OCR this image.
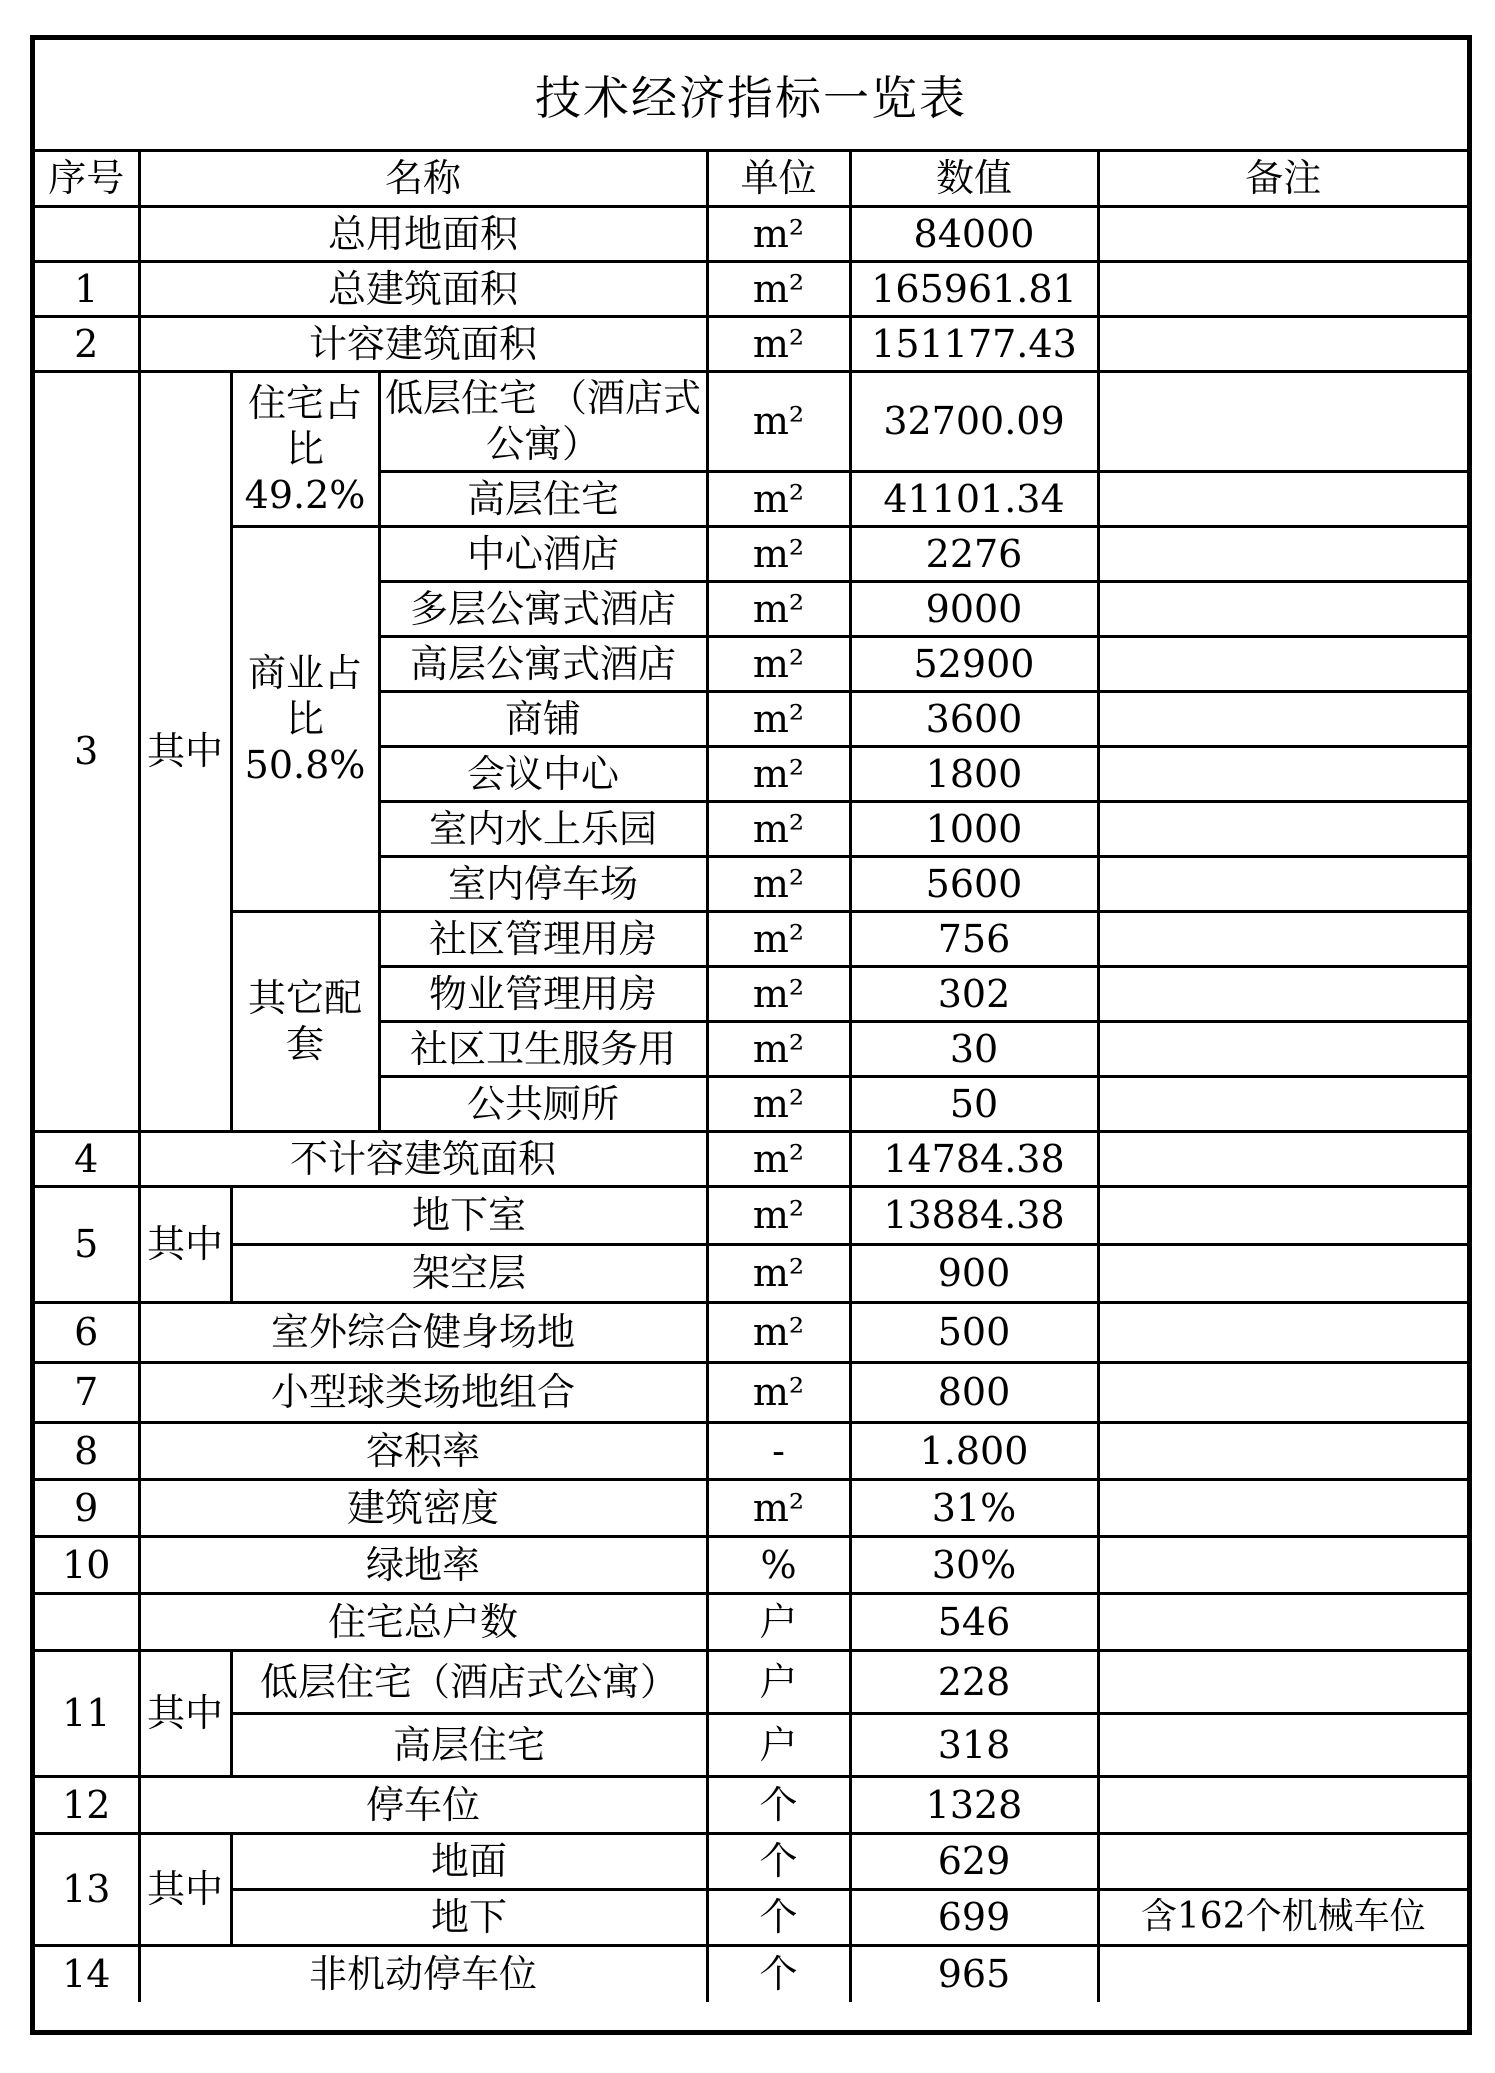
技术经济指标一览表
序号	名称			单位	数值	备注
	总用地面积			m²	84000	
1	总建筑面积			m²	165961.81	
2	计容建筑面积			m²	151177.43	
3	其中	住宅占比49.2%	低层住宅 （酒店式公寓）	m²	32700.09	
			高层住宅	m²	41101.34	
		商业占比50.8%	中心酒店	m²	2276	
			多层公寓式酒店	m²	9000	
			高层公寓式酒店	m²	52900	
			商铺	m²	3600	
			会议中心	m²	1800	
			室内水上乐园	m²	1000	
			室内停车场	m²	5600	
		其它配套	社区管理用房	m²	756	
			物业管理用房	m²	302	
			社区卫生服务用	m²	30	
			公共厕所	m²	50	
4	不计容建筑面积			m²	14784.38	
5	其中	地下室		m²	13884.38	
		架空层		m²	900	
6	室外综合健身场地			m²	500	
7	小型球类场地组合			m²	800	
8	容积率			-	1.800	
9	建筑密度			m²	31%	
10	绿地率			%	30%	
	住宅总户数			户	546	
11	其中	低层住宅（酒店式公寓）		户	228	
		高层住宅		户	318	
12	停车位			个	1328	
13	其中	地面		个	629	
		地下		个	699	含162个机械车位
14	非机动停车位			个	965	
